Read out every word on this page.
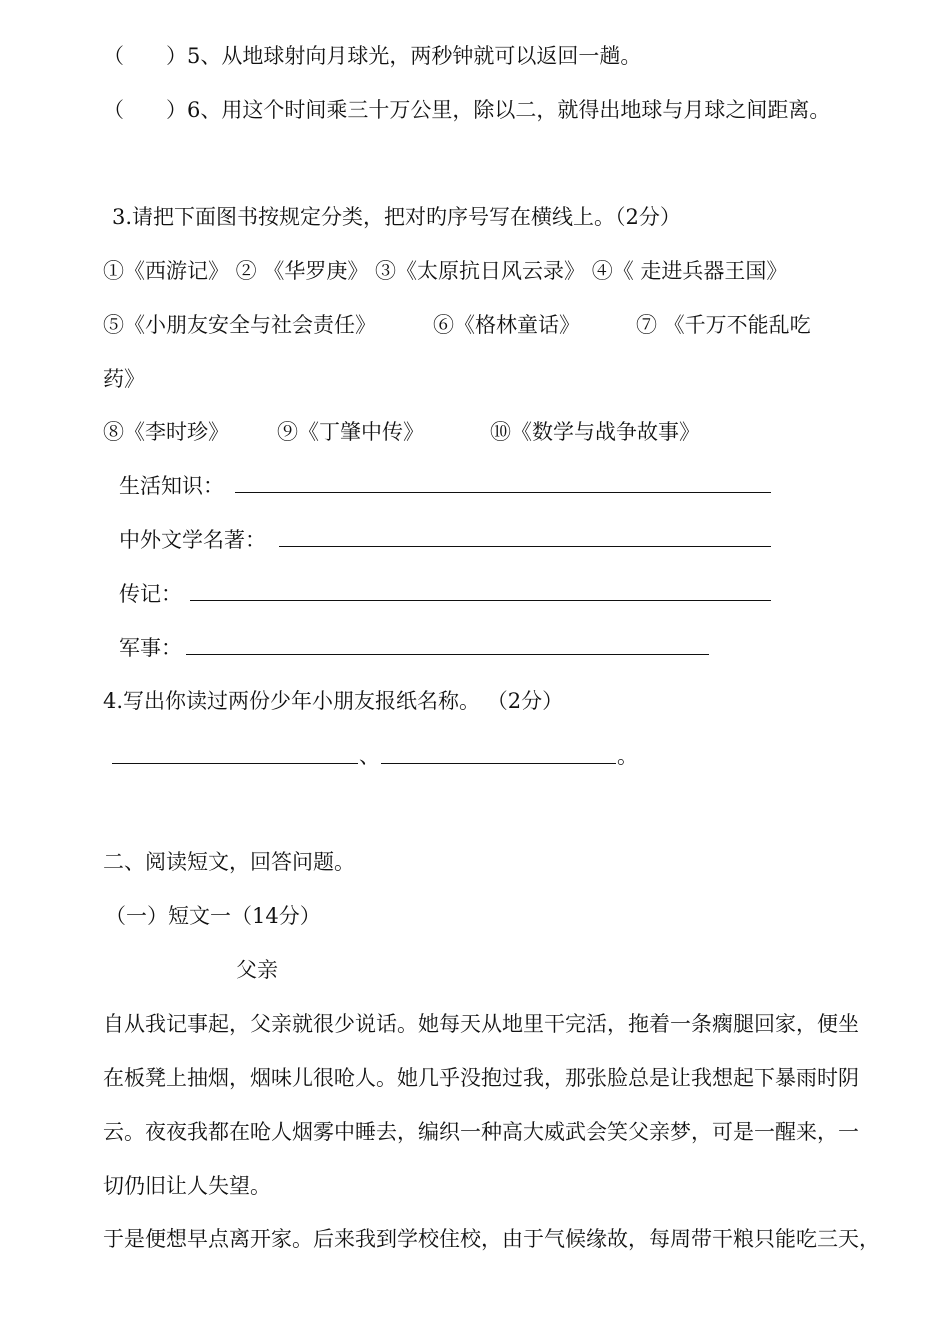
（　　）5、从地球射向月球光，两秒钟就可以返回一趟。
（　　）6、用这个时间乘三十万公里，除以二，就得出地球与月球之间距离。
3.请把下面图书按规定分类，把对旳序号写在横线上。（2分）
①《西游记》 ② 《华罗庚》 ③《太原抗日风云录》 ④《 走进兵器王国》
⑤《小朋友安全与社会责任》	⑥《格林童话》	⑦ 《千万不能乱吃
药》
⑧《李时珍》 ⑨《丁肇中传》	⑩《数学与战争故事》
生活知识：
中外文学名著：
传记：
军事：
4.写出你读过两份少年小朋友报纸名称。 （2分）
、	。
二、阅读短文，回答问题。
（一）短文一（14分）
父亲
自从我记事起，父亲就很少说话。她每天从地里干完活，拖着一条瘸腿回家，便坐
在板凳上抽烟，烟味儿很呛人。她几乎没抱过我，那张脸总是让我想起下暴雨时阴
云。夜夜我都在呛人烟雾中睡去，编织一种高大威武会笑父亲梦，可是一醒来，一
切仍旧让人失望。
于是便想早点离开家。后来我到学校住校，由于气候缘故，每周带干粮只能吃三天，
